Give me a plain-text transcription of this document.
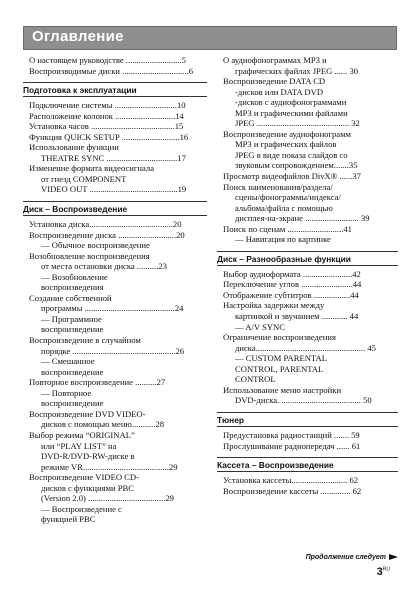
Оглавление
О настоящем руководстве ..........................5
Воспроизводимые диски ...............................6
Подготовка к эксплуатации
Подключение системы .............................10
Расположение колонок ............................14
Установка часов .......................................15
Функция QUICK SETUP ...........................16
Использование функции
THEATRE SYNC .................................17
Изменение формата видеосигнала
от гнезд COMPONENT
VIDEO OUT .........................................19
Диск – Воспроизведение
Установка диска.......................................20
Воспроизведение диска ...........................20
— Обычное воспроизведение
Возобновление воспроизведения
от места остановки диска ..........23
— Возобновление
воспроизведения
Создание собственной
программы ..........................................24
— Программное
воспроизведение
Воспроизведение в случайном
порядке ................................................26
— Смешанное
воспроизведение
Повторное воспроизведение ..........27
— Повторное
воспроизведение
Воспроизведение DVD VIDEO-
дисков с помощью меню...........28
Выбор режима “ORIGINAL”
или “PLAY LIST” на
DVD-R/DVD-RW-диске в
режиме VR........................................29
Воспроизведение VIDEO CD-
дисков с функциями PBC
(Version 2.0) ....................................29
— Воспроизведение с
функцией PBC
О аудиофонограммах MP3 и
графических файлах JPEG ...... 30
Воспроизведение DATA CD
-дисков или DATA DVD
-дисков с аудиофонограммами
MP3 и графическими файлами
JPEG ........................................... 32
Воспроизведение аудиофонограмм
MP3 и графических файлов
JPEG в виде показа слайдов со
звуковым сопровождением.......35
Просмотр видеофайлов DivX® ......37
Поиск наименования/раздела/
сцены/фонограммы/индекса/
альбома/файла с помощью
дисплея-на-экране ......................... 39
Поиск по сценам ..........................41
— Навигация по картинке
Диск – Разнообразные функции
Выбор аудиоформата .......................42
Переключение углов ........................44
Отображение субтитров .................44
Настройка задержки между
картинкой и звучанием ............ 44
— A/V SYNC
Ограничение воспроизведения
диска................................................... 45
— CUSTOM PARENTAL
CONTROL, PARENTAL
CONTROL
Использование меню настройки
DVD-диска. ..................................... 50
Тюнер
Предустановка радиостанций ....... 59
Прослушивание радиопередач ...... 61
Кассета – Воспроизведение
Установка кассеты.......................... 62
Воспроизведение кассеты .............. 62
Продолжение следует
$3^{RU}$
